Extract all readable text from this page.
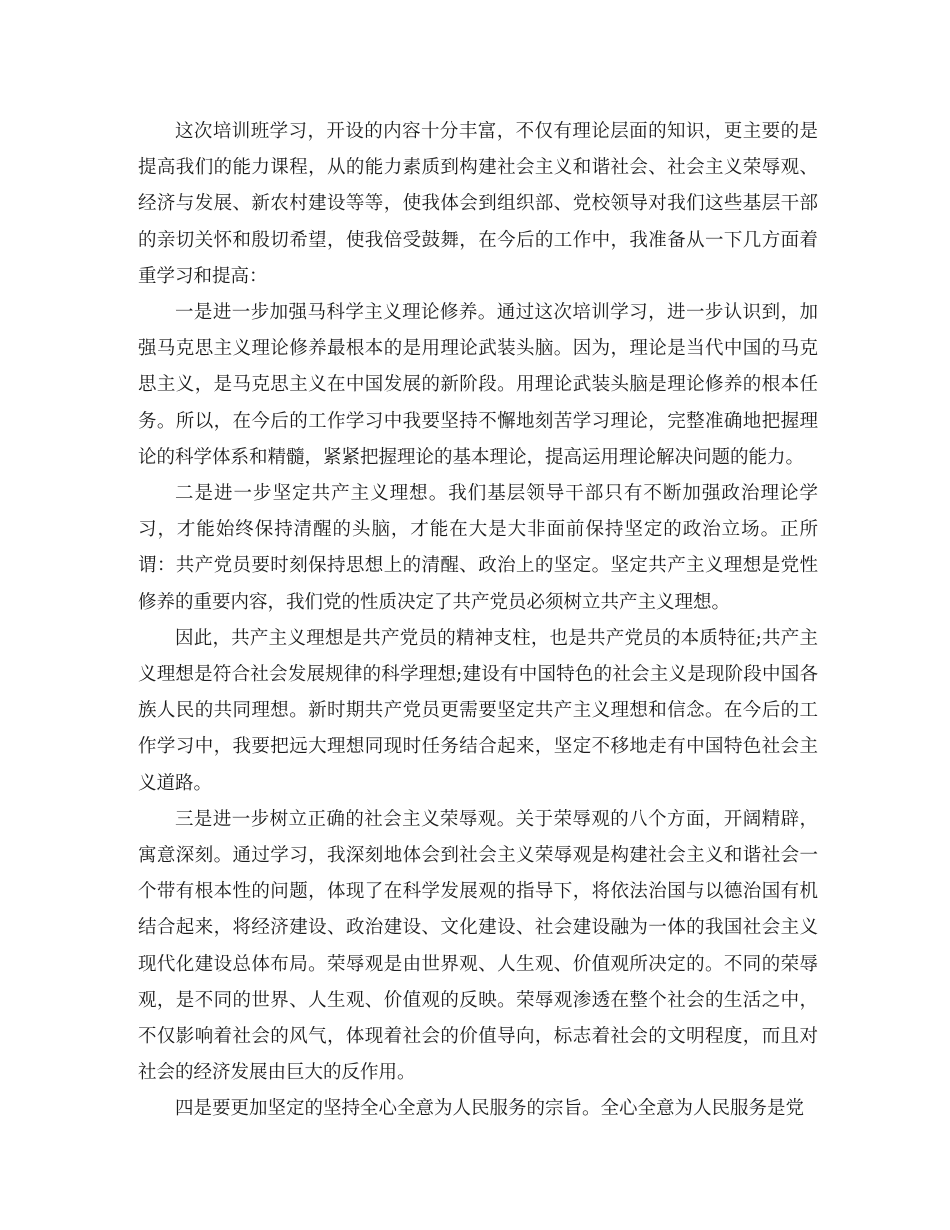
这次培训班学习，开设的内容十分丰富，不仅有理论层面的知识，更主要的是提高我们的能力课程，从的能力素质到构建社会主义和谐社会、社会主义荣辱观、经济与发展、新农村建设等等，使我体会到组织部、党校领导对我们这些基层干部的亲切关怀和殷切希望，使我倍受鼓舞，在今后的工作中，我准备从一下几方面着重学习和提高：

一是进一步加强马科学主义理论修养。通过这次培训学习，进一步认识到，加强马克思主义理论修养最根本的是用理论武装头脑。因为，理论是当代中国的马克思主义，是马克思主义在中国发展的新阶段。用理论武装头脑是理论修养的根本任务。所以，在今后的工作学习中我要坚持不懈地刻苦学习理论，完整准确地把握理论的科学体系和精髓，紧紧把握理论的基本理论，提高运用理论解决问题的能力。

二是进一步坚定共产主义理想。我们基层领导干部只有不断加强政治理论学习，才能始终保持清醒的头脑，才能在大是大非面前保持坚定的政治立场。正所谓：共产党员要时刻保持思想上的清醒、政治上的坚定。坚定共产主义理想是党性修养的重要内容，我们党的性质决定了共产党员必须树立共产主义理想。

因此，共产主义理想是共产党员的精神支柱，也是共产党员的本质特征;共产主义理想是符合社会发展规律的科学理想;建设有中国特色的社会主义是现阶段中国各族人民的共同理想。新时期共产党员更需要坚定共产主义理想和信念。在今后的工作学习中，我要把远大理想同现时任务结合起来，坚定不移地走有中国特色社会主义道路。

三是进一步树立正确的社会主义荣辱观。关于荣辱观的八个方面，开阔精辟，寓意深刻。通过学习，我深刻地体会到社会主义荣辱观是构建社会主义和谐社会一个带有根本性的问题，体现了在科学发展观的指导下，将依法治国与以德治国有机结合起来，将经济建设、政治建设、文化建设、社会建设融为一体的我国社会主义现代化建设总体布局。荣辱观是由世界观、人生观、价值观所决定的。不同的荣辱观，是不同的世界、人生观、价值观的反映。荣辱观渗透在整个社会的生活之中，不仅影响着社会的风气，体现着社会的价值导向，标志着社会的文明程度，而且对社会的经济发展由巨大的反作用。

四是要更加坚定的坚持全心全意为人民服务的宗旨。全心全意为人民服务是党
